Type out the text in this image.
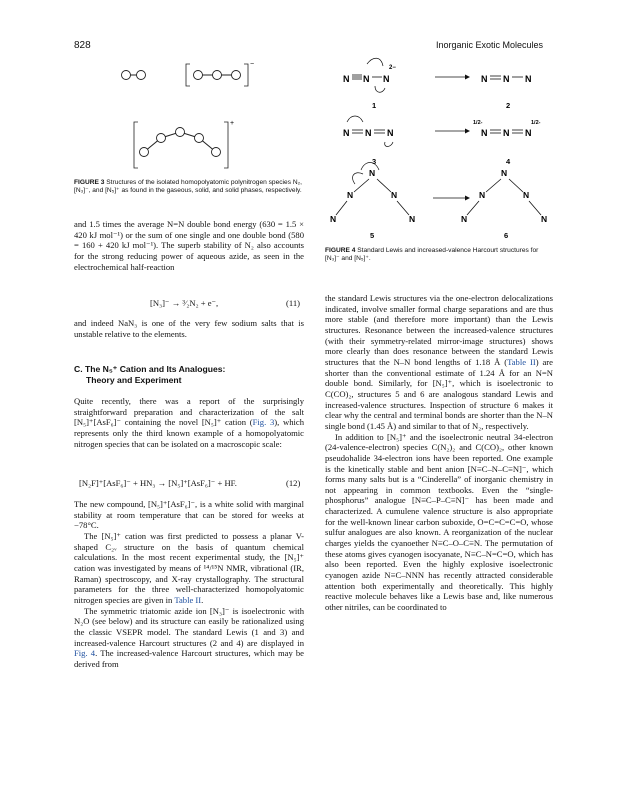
828	Inorganic Exotic Molecules
−
+
FIGURE 3 Structures of the isolated homopolyatomic polynitrogen species N₂, [N₃]⁻, and [N₅]⁺ as found in the gaseous, solid, and solid phases, respectively.
N N N
2−
1
N N N
2
N N N
3
N N N
1/2-	1/2-
4
N
N
N
N
N
5
N
N
N
N
N
6
FIGURE 4 Standard Lewis and increased-valence Harcourt structures for [N₃]⁻ and [N₅]⁺.

and 1.5 times the average N=N double bond energy (630 = 1.5 × 420 kJ mol⁻¹) or the sum of one single and one double bond (580 = 160 + 420 kJ mol⁻¹). The superb stability of N₂ also accounts for the strong reducing power of aqueous azide, as seen in the electrochemical half-reaction

[N₃]⁻ → ³⁄₂N₂ + e⁻,	(11)

and indeed NaN₃ is one of the very few sodium salts that is unstable relative to the elements.

C. The N₅⁺ Cation and Its Analogues:
Theory and Experiment

Quite recently, there was a report of the surprisingly straightforward preparation and characterization of the salt [N₅]⁺[AsF₆]⁻ containing the novel [N₅]⁺ cation (Fig. 3), which represents only the third known example of a homopolyatomic nitrogen species that can be isolated on a macroscopic scale:

[N₂F]⁺[AsF₆]⁻ + HN₃ → [N₅]⁺[AsF₆]⁻ + HF.	(12)

The new compound, [N₅]⁺[AsF₆]⁻, is a white solid with marginal stability at room temperature that can be stored for weeks at −78°C.

The [N₅]⁺ cation was first predicted to possess a planar V-shaped C₂ᵥ structure on the basis of quantum chemical calculations. In the most recent experimental study, the [N₅]⁺ cation was investigated by means of ¹⁴/¹⁵N NMR, vibrational (IR, Raman) spectroscopy, and X-ray crystallography. The structural parameters for the three well-characterized homopolyatomic nitrogen species are given in Table II.

The symmetric triatomic azide ion [N₃]⁻ is isoelectronic with N₂O (see below) and its structure can easily be rationalized using the classic VSEPR model. The standard Lewis (1 and 3) and increased-valence Harcourt structures (2 and 4) are displayed in Fig. 4. The increased-valence Harcourt structures, which may be derived from

the standard Lewis structures via the one-electron delocalizations indicated, involve smaller formal charge separations and are thus more stable (and therefore more important) than the Lewis structures. Resonance between the increased-valence structures (with their symmetry-related mirror-image structures) shows more clearly than does resonance between the standard Lewis structures that the N–N bond lengths of 1.18 Å (Table II) are shorter than the conventional estimate of 1.24 Å for an N=N double bond. Similarly, for [N₅]⁺, which is isoelectronic to C(CO)₂, structures 5 and 6 are analogous standard Lewis and increased-valence structures. Inspection of structure 6 makes it clear why the central and terminal bonds are shorter than the N–N single bond (1.45 Å) and similar to that of N₂, respectively.

In addition to [N₅]⁺ and the isoelectronic neutral 34-electron (24-valence-electron) species C(N₂)₂ and C(CO)₂, other known pseudohalide 34-electron ions have been reported. One example is the kinetically stable and bent anion [N≡C–N–C≡N]⁻, which forms many salts but is a “Cinderella” of inorganic chemistry in not appearing in common textbooks. Even the “single-phosphorus” analogue [N≡C–P–C≡N]⁻ has been made and characterized. A cumulene valence structure is also appropriate for the well-known linear carbon suboxide, O=C=C=C=O, whose sulfur analogues are also known. A reorganization of the nuclear charges yields the cyanoether N≡C–O–C≡N. The permutation of these atoms gives cyanogen isocyanate, N≡C–N=C=O, which has also been reported. Even the highly explosive isoelectronic cyanogen azide N≡C–NNN has recently attracted considerable attention both experimentally and theoretically. This highly reactive molecule behaves like a Lewis base and, like numerous other nitriles, can be coordinated to
